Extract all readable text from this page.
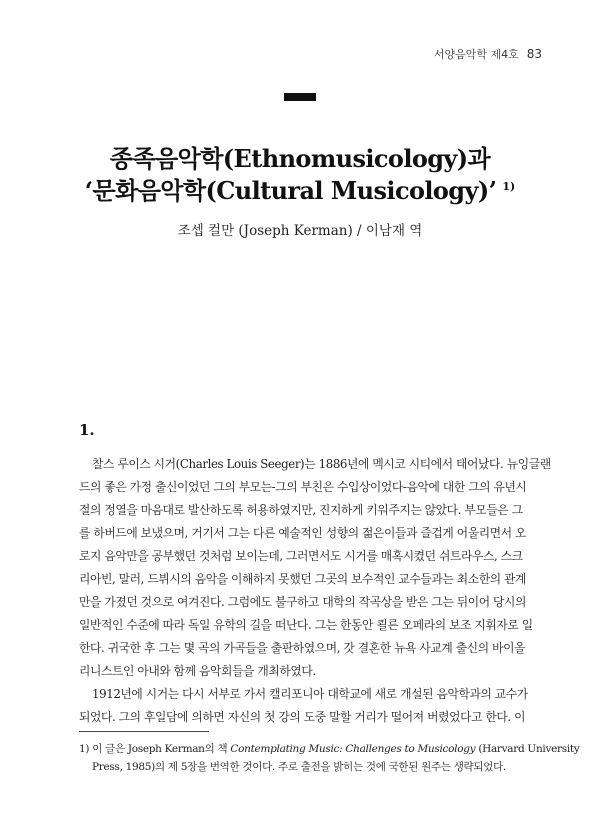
서양음악학 제4호 83
종족음악학(Ethnomusicology)과
‘문화음악학(Cultural Musicology)’ $^{1)}$
조셉 컬만 (Joseph Kerman) / 이남재 역
1.
찰스 루이스 시거(Charles Louis Seeger)는 1886년에 멕시코 시티에서 태어났다. 뉴잉글랜
드의 좋은 가정 출신이었던 그의 부모는-그의 부친은 수입상이었다-음악에 대한 그의 유년시
절의 정열을 마음대로 발산하도록 허용하였지만, 진지하게 키워주지는 않았다. 부모들은 그
를 하버드에 보냈으며, 거기서 그는 다른 예술적인 성향의 젊은이들과 즐겁게 어울리면서 오
로지 음악만을 공부했던 것처럼 보이는데, 그러면서도 시거를 매혹시켰던 쉬트라우스, 스크
리아빈, 말러, 드뷔시의 음악을 이해하지 못했던 그곳의 보수적인 교수들과는 최소한의 관계
만을 가졌던 것으로 여겨진다. 그럼에도 불구하고 대학의 작곡상을 받은 그는 뒤이어 당시의
일반적인 수준에 따라 독일 유학의 길을 떠난다. 그는 한동안 쾰른 오페라의 보조 지휘자로 일
한다. 귀국한 후 그는 몇 곡의 가곡들을 출판하였으며, 갓 결혼한 뉴욕 사교계 출신의 바이올
리니스트인 아내와 함께 음악회들을 개최하였다.
1912년에 시거는 다시 서부로 가서 캘리포니아 대학교에 새로 개설된 음악학과의 교수가
되었다. 그의 후일담에 의하면 자신의 첫 강의 도중 말할 거리가 떨어져 버렸었다고 한다. 이
1) 이 글은 Joseph Kerman의 책 Contemplating Music: Challenges to Musicology (Harvard University
Press, 1985)의 제 5장을 번역한 것이다. 주로 출전을 밝히는 것에 국한된 원주는 생략되었다.
